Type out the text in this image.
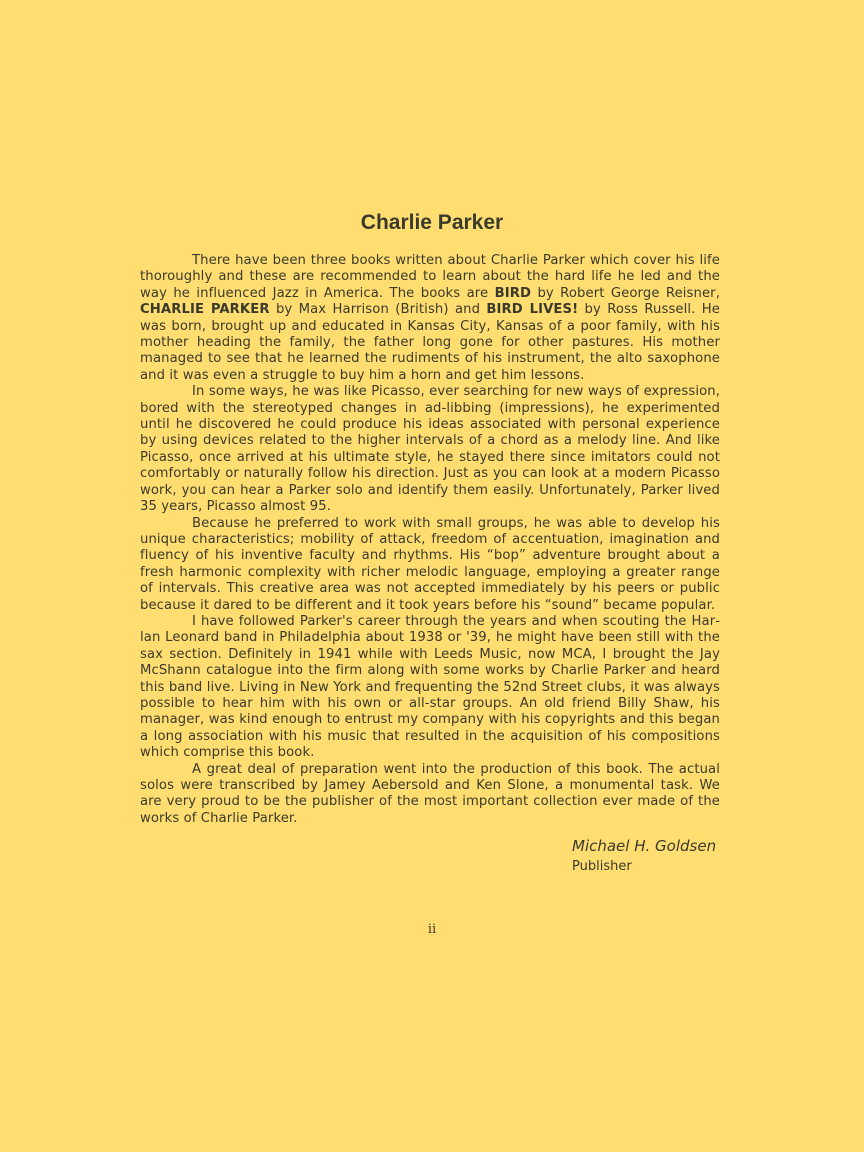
Charlie Parker

There have been three books written about Charlie Parker which cover his life thoroughly and these are recommended to learn about the hard life he led and the way he influenced Jazz in America. The books are BIRD by Robert George Reisner, CHARLIE PARKER by Max Harrison (British) and BIRD LIVES! by Ross Russell. He was born, brought up and educated in Kansas City, Kansas of a poor family, with his mother heading the family, the father long gone for other pastures. His mother managed to see that he learned the rudiments of his instrument, the alto saxophone and it was even a struggle to buy him a horn and get him lessons.

In some ways, he was like Picasso, ever searching for new ways of expression, bored with the stereotyped changes in ad-libbing (impressions), he experimented until he discovered he could produce his ideas associated with personal experience by using devices related to the higher intervals of a chord as a melody line. And like Picasso, once arrived at his ultimate style, he stayed there since imitators could not comfortably or naturally follow his direction. Just as you can look at a modern Picasso work, you can hear a Parker solo and identify them easily. Unfortunately, Parker lived 35 years, Picasso almost 95.

Because he preferred to work with small groups, he was able to develop his unique characteristics; mobility of attack, freedom of accentuation, imagination and fluency of his inventive faculty and rhythms. His “bop” adventure brought about a fresh harmonic complexity with richer melodic language, employing a greater range of intervals. This creative area was not accepted immediately by his peers or public because it dared to be different and it took years before his “sound” became popular.

I have followed Parker's career through the years and when scouting the Harlan Leonard band in Philadelphia about 1938 or '39, he might have been still with the sax section. Definitely in 1941 while with Leeds Music, now MCA, I brought the Jay McShann catalogue into the firm along with some works by Charlie Parker and heard this band live. Living in New York and frequenting the 52nd Street clubs, it was always possible to hear him with his own or all-star groups. An old friend Billy Shaw, his manager, was kind enough to entrust my company with his copyrights and this began a long association with his music that resulted in the acquisition of his compositions which comprise this book.

A great deal of preparation went into the production of this book. The actual solos were transcribed by Jamey Aebersold and Ken Slone, a monumental task. We are very proud to be the publisher of the most important collection ever made of the works of Charlie Parker.

Michael H. Goldsen
Publisher
ii
